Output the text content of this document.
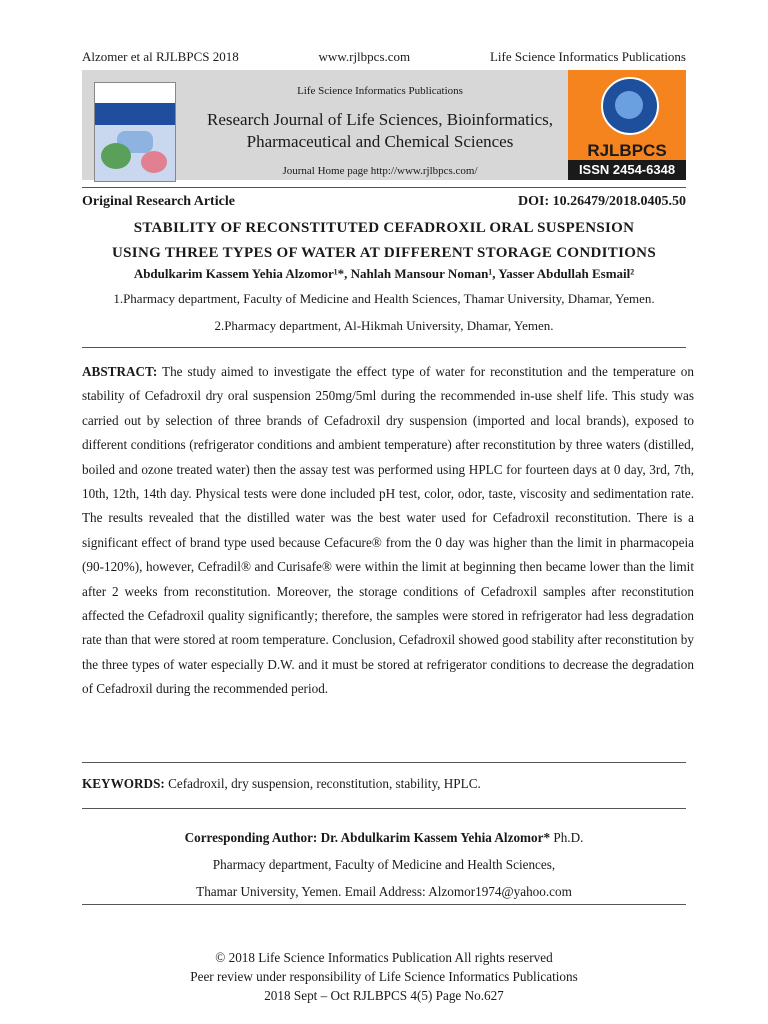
Alzomer et al RJLBPCS 2018	www.rjlbpcs.com	Life Science Informatics Publications
Life Science Informatics Publications
Research Journal of Life Sciences, Bioinformatics,
Pharmaceutical and Chemical Sciences
Journal Home page http://www.rjlbpcs.com/
RJLBPCS
ISSN 2454-6348
Original Research Article	DOI: 10.26479/2018.0405.50
STABILITY OF RECONSTITUTED CEFADROXIL ORAL SUSPENSION
USING THREE TYPES OF WATER AT DIFFERENT STORAGE CONDITIONS
Abdulkarim Kassem Yehia Alzomor¹*, Nahlah Mansour Noman¹, Yasser Abdullah Esmail²
1.Pharmacy department, Faculty of Medicine and Health Sciences, Thamar University, Dhamar, Yemen.
2.Pharmacy department, Al-Hikmah University, Dhamar, Yemen.
ABSTRACT: The study aimed to investigate the effect type of water for reconstitution and the temperature on stability of Cefadroxil dry oral suspension 250mg/5ml during the recommended in-use shelf life. This study was carried out by selection of three brands of Cefadroxil dry suspension (imported and local brands), exposed to different conditions (refrigerator conditions and ambient temperature) after reconstitution by three waters (distilled, boiled and ozone treated water) then the assay test was performed using HPLC for fourteen days at 0 day, 3rd, 7th, 10th, 12th, 14th day. Physical tests were done included pH test, color, odor, taste, viscosity and sedimentation rate. The results revealed that the distilled water was the best water used for Cefadroxil reconstitution. There is a significant effect of brand type used because Cefacure® from the 0 day was higher than the limit in pharmacopeia (90-120%), however, Cefradil® and Curisafe® were within the limit at beginning then became lower than the limit after 2 weeks from reconstitution. Moreover, the storage conditions of Cefadroxil samples after reconstitution affected the Cefadroxil quality significantly; therefore, the samples were stored in refrigerator had less degradation rate than that were stored at room temperature. Conclusion, Cefadroxil showed good stability after reconstitution by the three types of water especially D.W. and it must be stored at refrigerator conditions to decrease the degradation of Cefadroxil during the recommended period.
KEYWORDS: Cefadroxil, dry suspension, reconstitution, stability, HPLC.
Corresponding Author: Dr. Abdulkarim Kassem Yehia Alzomor* Ph.D.
Pharmacy department, Faculty of Medicine and Health Sciences,
Thamar University, Yemen. Email Address: Alzomor1974@yahoo.com
© 2018 Life Science Informatics Publication All rights reserved
Peer review under responsibility of Life Science Informatics Publications
2018 Sept – Oct RJLBPCS 4(5) Page No.627
